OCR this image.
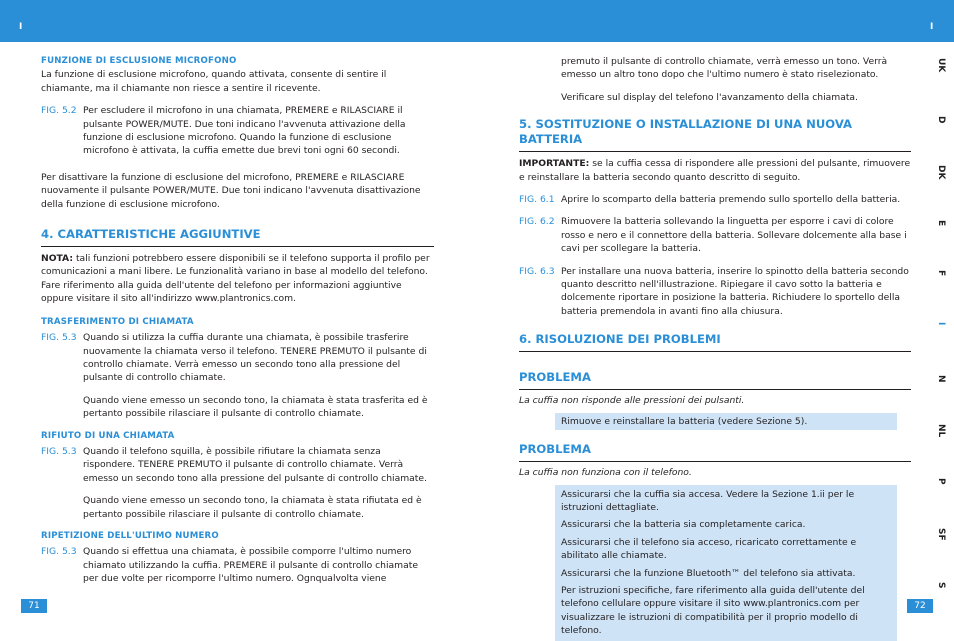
I	I

FUNZIONE DI ESCLUSIONE MICROFONO

La funzione di esclusione microfono, quando attivata, consente di sentire il chiamante, ma il chiamante non riesce a sentire il ricevente.

FIG. 5.2 Per escludere il microfono in una chiamata, PREMERE e RILASCIARE il pulsante POWER/MUTE. Due toni indicano l'avvenuta attivazione della funzione di esclusione microfono. Quando la funzione di esclusione microfono è attivata, la cuffia emette due brevi toni ogni 60 secondi.

Per disattivare la funzione di esclusione del microfono, PREMERE e RILASCIARE nuovamente il pulsante POWER/MUTE. Due toni indicano l'avvenuta disattivazione della funzione di esclusione microfono.

4. CARATTERISTICHE AGGIUNTIVE

NOTA: tali funzioni potrebbero essere disponibili se il telefono supporta il profilo per comunicazioni a mani libere. Le funzionalità variano in base al modello del telefono. Fare riferimento alla guida dell'utente del telefono per informazioni aggiuntive oppure visitare il sito all'indirizzo www.plantronics.com.

TRASFERIMENTO DI CHIAMATA

FIG. 5.3 Quando si utilizza la cuffia durante una chiamata, è possibile trasferire nuovamente la chiamata verso il telefono. TENERE PREMUTO il pulsante di controllo chiamate. Verrà emesso un secondo tono alla pressione del pulsante di controllo chiamate.

Quando viene emesso un secondo tono, la chiamata è stata trasferita ed è pertanto possibile rilasciare il pulsante di controllo chiamate.

RIFIUTO DI UNA CHIAMATA

FIG. 5.3 Quando il telefono squilla, è possibile rifiutare la chiamata senza rispondere. TENERE PREMUTO il pulsante di controllo chiamate. Verrà emesso un secondo tono alla pressione del pulsante di controllo chiamate.

Quando viene emesso un secondo tono, la chiamata è stata rifiutata ed è pertanto possibile rilasciare il pulsante di controllo chiamate.

RIPETIZIONE DELL'ULTIMO NUMERO

FIG. 5.3 Quando si effettua una chiamata, è possibile comporre l'ultimo numero chiamato utilizzando la cuffia. PREMERE il pulsante di controllo chiamate per due volte per ricomporre l'ultimo numero. Ognqualvolta viene

premuto il pulsante di controllo chiamate, verrà emesso un tono. Verrà emesso un altro tono dopo che l'ultimo numero è stato riselezionato.

Verificare sul display del telefono l'avanzamento della chiamata.

5. SOSTITUZIONE O INSTALLAZIONE DI UNA NUOVA BATTERIA

IMPORTANTE: se la cuffia cessa di rispondere alle pressioni del pulsante, rimuovere e reinstallare la batteria secondo quanto descritto di seguito.

FIG. 6.1 Aprire lo scomparto della batteria premendo sullo sportello della batteria.
FIG. 6.2 Rimuovere la batteria sollevando la linguetta per esporre i cavi di colore rosso e nero e il connettore della batteria. Sollevare dolcemente alla base i cavi per scollegare la batteria.
FIG. 6.3 Per installare una nuova batteria, inserire lo spinotto della batteria secondo quanto descritto nell'illustrazione. Ripiegare il cavo sotto la batteria e dolcemente riportare in posizione la batteria. Richiudere lo sportello della batteria premendola in avanti fino alla chiusura.

6. RISOLUZIONE DEI PROBLEMI

PROBLEMA

La cuffia non risponde alle pressioni dei pulsanti.

Rimuove e reinstallare la batteria (vedere Sezione 5).

PROBLEMA

La cuffia non funziona con il telefono.

Assicurarsi che la cuffia sia accesa. Vedere la Sezione 1.ii per le istruzioni dettagliate.

Assicurarsi che la batteria sia completamente carica.

Assicurarsi che il telefono sia acceso, ricaricato correttamente e abilitato alle chiamate.

Assicurarsi che la funzione Bluetooth™ del telefono sia attivata.

Per istruzioni specifiche, fare riferimento alla guida dell'utente del telefono cellulare oppure visitare il sito www.plantronics.com per visualizzare le istruzioni di compatibilità per il proprio modello di telefono.

71	72
UK
D
DK
E
F
I
N
NL
P
SF
S
